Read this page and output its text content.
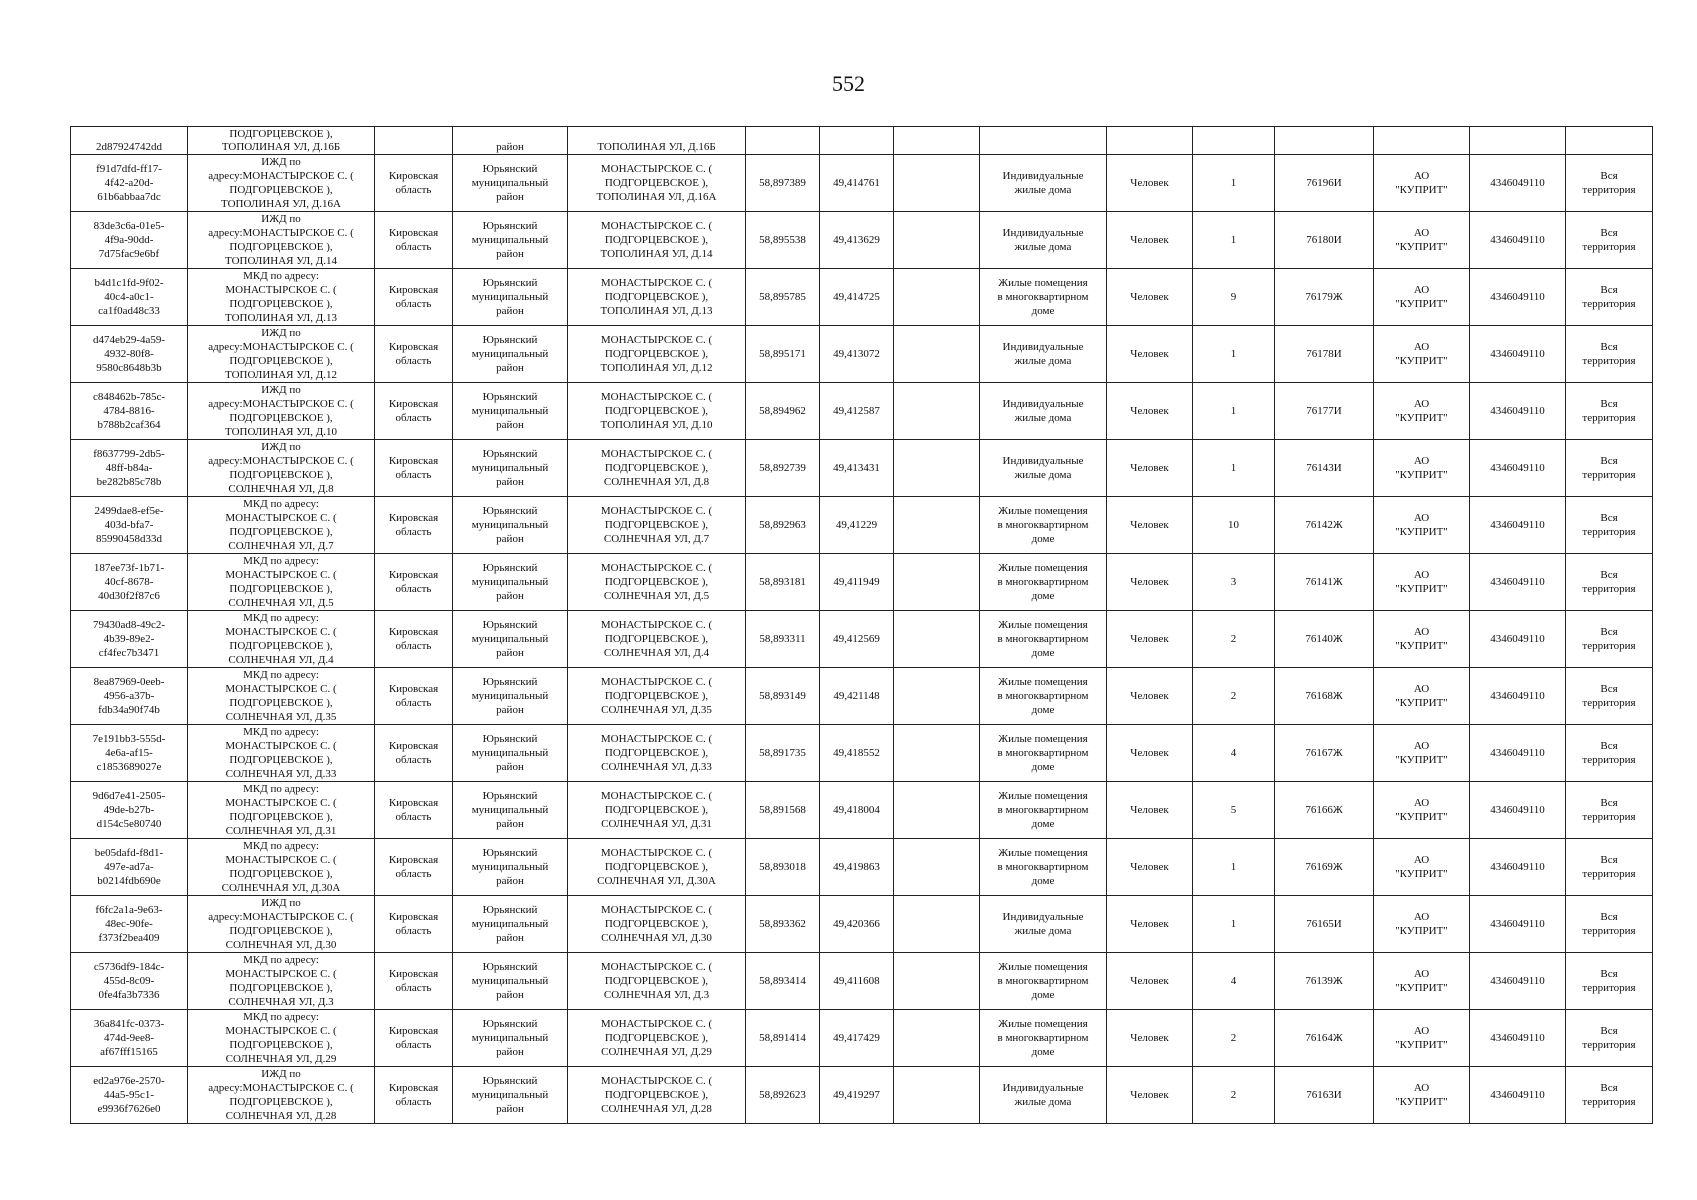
552
2d87924742dd	ПОДГОРЦЕВСКОЕ ),
ТОПОЛИНАЯ УЛ, Д.16Б		район	ТОПОЛИНАЯ УЛ, Д.16Б										
f91d7dfd-ff17-
4f42-a20d-
61b6abbaa7dc	ИЖД по
адресу:МОНАСТЫРСКОЕ С. (
ПОДГОРЦЕВСКОЕ ),
ТОПОЛИНАЯ УЛ, Д.16А	Кировская
область	Юрьянский
муниципальный
район	МОНАСТЫРСКОЕ С. (
ПОДГОРЦЕВСКОЕ ),
ТОПОЛИНАЯ УЛ, Д.16А	58,897389	49,414761		Индивидуальные
жилые дома	Человек	1	76196И	АО
"КУПРИТ"	4346049110	Вся
территория
83de3c6a-01e5-
4f9a-90dd-
7d75fac9e6bf	ИЖД по
адресу:МОНАСТЫРСКОЕ С. (
ПОДГОРЦЕВСКОЕ ),
ТОПОЛИНАЯ УЛ, Д.14	Кировская
область	Юрьянский
муниципальный
район	МОНАСТЫРСКОЕ С. (
ПОДГОРЦЕВСКОЕ ),
ТОПОЛИНАЯ УЛ, Д.14	58,895538	49,413629		Индивидуальные
жилые дома	Человек	1	76180И	АО
"КУПРИТ"	4346049110	Вся
территория
b4d1c1fd-9f02-
40c4-a0c1-
ca1f0ad48c33	МКД по адресу:
МОНАСТЫРСКОЕ С. (
ПОДГОРЦЕВСКОЕ ),
ТОПОЛИНАЯ УЛ, Д.13	Кировская
область	Юрьянский
муниципальный
район	МОНАСТЫРСКОЕ С. (
ПОДГОРЦЕВСКОЕ ),
ТОПОЛИНАЯ УЛ, Д.13	58,895785	49,414725		Жилые помещения
в многоквартирном
доме	Человек	9	76179Ж	АО
"КУПРИТ"	4346049110	Вся
территория
d474eb29-4a59-
4932-80f8-
9580c8648b3b	ИЖД по
адресу:МОНАСТЫРСКОЕ С. (
ПОДГОРЦЕВСКОЕ ),
ТОПОЛИНАЯ УЛ, Д.12	Кировская
область	Юрьянский
муниципальный
район	МОНАСТЫРСКОЕ С. (
ПОДГОРЦЕВСКОЕ ),
ТОПОЛИНАЯ УЛ, Д.12	58,895171	49,413072		Индивидуальные
жилые дома	Человек	1	76178И	АО
"КУПРИТ"	4346049110	Вся
территория
c848462b-785c-
4784-8816-
b788b2caf364	ИЖД по
адресу:МОНАСТЫРСКОЕ С. (
ПОДГОРЦЕВСКОЕ ),
ТОПОЛИНАЯ УЛ, Д.10	Кировская
область	Юрьянский
муниципальный
район	МОНАСТЫРСКОЕ С. (
ПОДГОРЦЕВСКОЕ ),
ТОПОЛИНАЯ УЛ, Д.10	58,894962	49,412587		Индивидуальные
жилые дома	Человек	1	76177И	АО
"КУПРИТ"	4346049110	Вся
территория
f8637799-2db5-
48ff-b84a-
be282b85c78b	ИЖД по
адресу:МОНАСТЫРСКОЕ С. (
ПОДГОРЦЕВСКОЕ ),
СОЛНЕЧНАЯ УЛ, Д.8	Кировская
область	Юрьянский
муниципальный
район	МОНАСТЫРСКОЕ С. (
ПОДГОРЦЕВСКОЕ ),
СОЛНЕЧНАЯ УЛ, Д.8	58,892739	49,413431		Индивидуальные
жилые дома	Человек	1	76143И	АО
"КУПРИТ"	4346049110	Вся
территория
2499dae8-ef5e-
403d-bfa7-
85990458d33d	МКД по адресу:
МОНАСТЫРСКОЕ С. (
ПОДГОРЦЕВСКОЕ ),
СОЛНЕЧНАЯ УЛ, Д.7	Кировская
область	Юрьянский
муниципальный
район	МОНАСТЫРСКОЕ С. (
ПОДГОРЦЕВСКОЕ ),
СОЛНЕЧНАЯ УЛ, Д.7	58,892963	49,41229		Жилые помещения
в многоквартирном
доме	Человек	10	76142Ж	АО
"КУПРИТ"	4346049110	Вся
территория
187ee73f-1b71-
40cf-8678-
40d30f2f87c6	МКД по адресу:
МОНАСТЫРСКОЕ С. (
ПОДГОРЦЕВСКОЕ ),
СОЛНЕЧНАЯ УЛ, Д.5	Кировская
область	Юрьянский
муниципальный
район	МОНАСТЫРСКОЕ С. (
ПОДГОРЦЕВСКОЕ ),
СОЛНЕЧНАЯ УЛ, Д.5	58,893181	49,411949		Жилые помещения
в многоквартирном
доме	Человек	3	76141Ж	АО
"КУПРИТ"	4346049110	Вся
территория
79430ad8-49c2-
4b39-89e2-
cf4fec7b3471	МКД по адресу:
МОНАСТЫРСКОЕ С. (
ПОДГОРЦЕВСКОЕ ),
СОЛНЕЧНАЯ УЛ, Д.4	Кировская
область	Юрьянский
муниципальный
район	МОНАСТЫРСКОЕ С. (
ПОДГОРЦЕВСКОЕ ),
СОЛНЕЧНАЯ УЛ, Д.4	58,893311	49,412569		Жилые помещения
в многоквартирном
доме	Человек	2	76140Ж	АО
"КУПРИТ"	4346049110	Вся
территория
8ea87969-0eeb-
4956-a37b-
fdb34a90f74b	МКД по адресу:
МОНАСТЫРСКОЕ С. (
ПОДГОРЦЕВСКОЕ ),
СОЛНЕЧНАЯ УЛ, Д.35	Кировская
область	Юрьянский
муниципальный
район	МОНАСТЫРСКОЕ С. (
ПОДГОРЦЕВСКОЕ ),
СОЛНЕЧНАЯ УЛ, Д.35	58,893149	49,421148		Жилые помещения
в многоквартирном
доме	Человек	2	76168Ж	АО
"КУПРИТ"	4346049110	Вся
территория
7e191bb3-555d-
4e6a-af15-
c1853689027e	МКД по адресу:
МОНАСТЫРСКОЕ С. (
ПОДГОРЦЕВСКОЕ ),
СОЛНЕЧНАЯ УЛ, Д.33	Кировская
область	Юрьянский
муниципальный
район	МОНАСТЫРСКОЕ С. (
ПОДГОРЦЕВСКОЕ ),
СОЛНЕЧНАЯ УЛ, Д.33	58,891735	49,418552		Жилые помещения
в многоквартирном
доме	Человек	4	76167Ж	АО
"КУПРИТ"	4346049110	Вся
территория
9d6d7e41-2505-
49de-b27b-
d154c5e80740	МКД по адресу:
МОНАСТЫРСКОЕ С. (
ПОДГОРЦЕВСКОЕ ),
СОЛНЕЧНАЯ УЛ, Д.31	Кировская
область	Юрьянский
муниципальный
район	МОНАСТЫРСКОЕ С. (
ПОДГОРЦЕВСКОЕ ),
СОЛНЕЧНАЯ УЛ, Д.31	58,891568	49,418004		Жилые помещения
в многоквартирном
доме	Человек	5	76166Ж	АО
"КУПРИТ"	4346049110	Вся
территория
be05dafd-f8d1-
497e-ad7a-
b0214fdb690e	МКД по адресу:
МОНАСТЫРСКОЕ С. (
ПОДГОРЦЕВСКОЕ ),
СОЛНЕЧНАЯ УЛ, Д.30А	Кировская
область	Юрьянский
муниципальный
район	МОНАСТЫРСКОЕ С. (
ПОДГОРЦЕВСКОЕ ),
СОЛНЕЧНАЯ УЛ, Д.30А	58,893018	49,419863		Жилые помещения
в многоквартирном
доме	Человек	1	76169Ж	АО
"КУПРИТ"	4346049110	Вся
территория
f6fc2a1a-9e63-
48ec-90fe-
f373f2bea409	ИЖД по
адресу:МОНАСТЫРСКОЕ С. (
ПОДГОРЦЕВСКОЕ ),
СОЛНЕЧНАЯ УЛ, Д.30	Кировская
область	Юрьянский
муниципальный
район	МОНАСТЫРСКОЕ С. (
ПОДГОРЦЕВСКОЕ ),
СОЛНЕЧНАЯ УЛ, Д.30	58,893362	49,420366		Индивидуальные
жилые дома	Человек	1	76165И	АО
"КУПРИТ"	4346049110	Вся
территория
c5736df9-184c-
455d-8c09-
0fe4fa3b7336	МКД по адресу:
МОНАСТЫРСКОЕ С. (
ПОДГОРЦЕВСКОЕ ),
СОЛНЕЧНАЯ УЛ, Д.3	Кировская
область	Юрьянский
муниципальный
район	МОНАСТЫРСКОЕ С. (
ПОДГОРЦЕВСКОЕ ),
СОЛНЕЧНАЯ УЛ, Д.3	58,893414	49,411608		Жилые помещения
в многоквартирном
доме	Человек	4	76139Ж	АО
"КУПРИТ"	4346049110	Вся
территория
36a841fc-0373-
474d-9ee8-
af67fff15165	МКД по адресу:
МОНАСТЫРСКОЕ С. (
ПОДГОРЦЕВСКОЕ ),
СОЛНЕЧНАЯ УЛ, Д.29	Кировская
область	Юрьянский
муниципальный
район	МОНАСТЫРСКОЕ С. (
ПОДГОРЦЕВСКОЕ ),
СОЛНЕЧНАЯ УЛ, Д.29	58,891414	49,417429		Жилые помещения
в многоквартирном
доме	Человек	2	76164Ж	АО
"КУПРИТ"	4346049110	Вся
территория
ed2a976e-2570-
44a5-95c1-
e9936f7626e0	ИЖД по
адресу:МОНАСТЫРСКОЕ С. (
ПОДГОРЦЕВСКОЕ ),
СОЛНЕЧНАЯ УЛ, Д.28	Кировская
область	Юрьянский
муниципальный
район	МОНАСТЫРСКОЕ С. (
ПОДГОРЦЕВСКОЕ ),
СОЛНЕЧНАЯ УЛ, Д.28	58,892623	49,419297		Индивидуальные
жилые дома	Человек	2	76163И	АО
"КУПРИТ"	4346049110	Вся
территория
